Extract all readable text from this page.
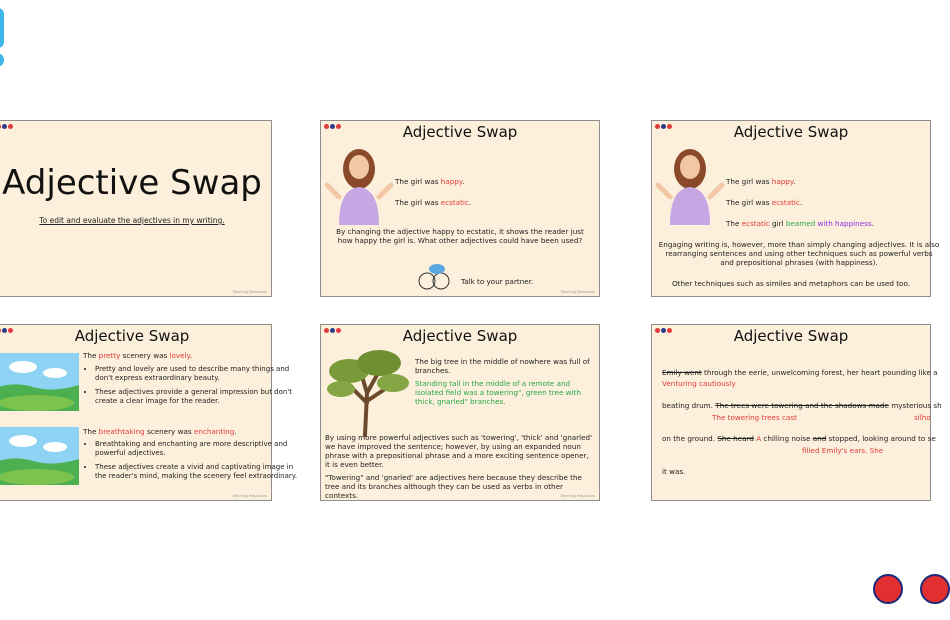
Adjective Swap
To edit and evaluate the adjectives in my writing.
Teaching Resources
Adjective Swap
The girl was happy.
The girl was ecstatic.
By changing the adjective happy to ecstatic, it shows the reader just how happy the girl is. What other adjectives could have been used?
Talk to your partner.
Teaching Resources
Adjective Swap
The girl was happy.
The girl was ecstatic.
The ecstatic girl beamed with happiness.
Engaging writing is, however, more than simply changing adjectives. It is also rearranging sentences and using other techniques such as powerful verbs and prepositional phrases (with happiness).
Other techniques such as similes and metaphors can be used too.
Adjective Swap
The pretty scenery was lovely.
• Pretty and lovely are used to describe many things and don't express extraordinary beauty.
• These adjectives provide a general impression but don't create a clear image for the reader.
The breathtaking scenery was enchanting.
• Breathtaking and enchanting are more descriptive and powerful adjectives.
• These adjectives create a vivid and captivating image in the reader's mind, making the scenery feel extraordinary.
Teaching Resources
Adjective Swap
The big tree in the middle of nowhere was full of branches.
Standing tall in the middle of a remote and isolated field was a towering", green tree with thick, gnarled" branches.
By using more powerful adjectives such as 'towering', 'thick' and 'gnarled' we have improved the sentence; however, by using an expanded noun phrase with a prepositional phrase and a more exciting sentence opener, it is even better.
"Towering" and 'gnarled' are adjectives here because they describe the tree and its branches although they can be used as verbs in other contexts.	Teaching Resources
Adjective Swap
Emily went through the eerie, unwelcoming forest, her heart pounding like a
Venturing cautiously
beating drum. The trees were towering and the shadows made mysterious sh
The towering trees cast	silho
on the ground. She heard A chilling noise and stopped, looking around to se
filled Emily's ears. She
it was.
